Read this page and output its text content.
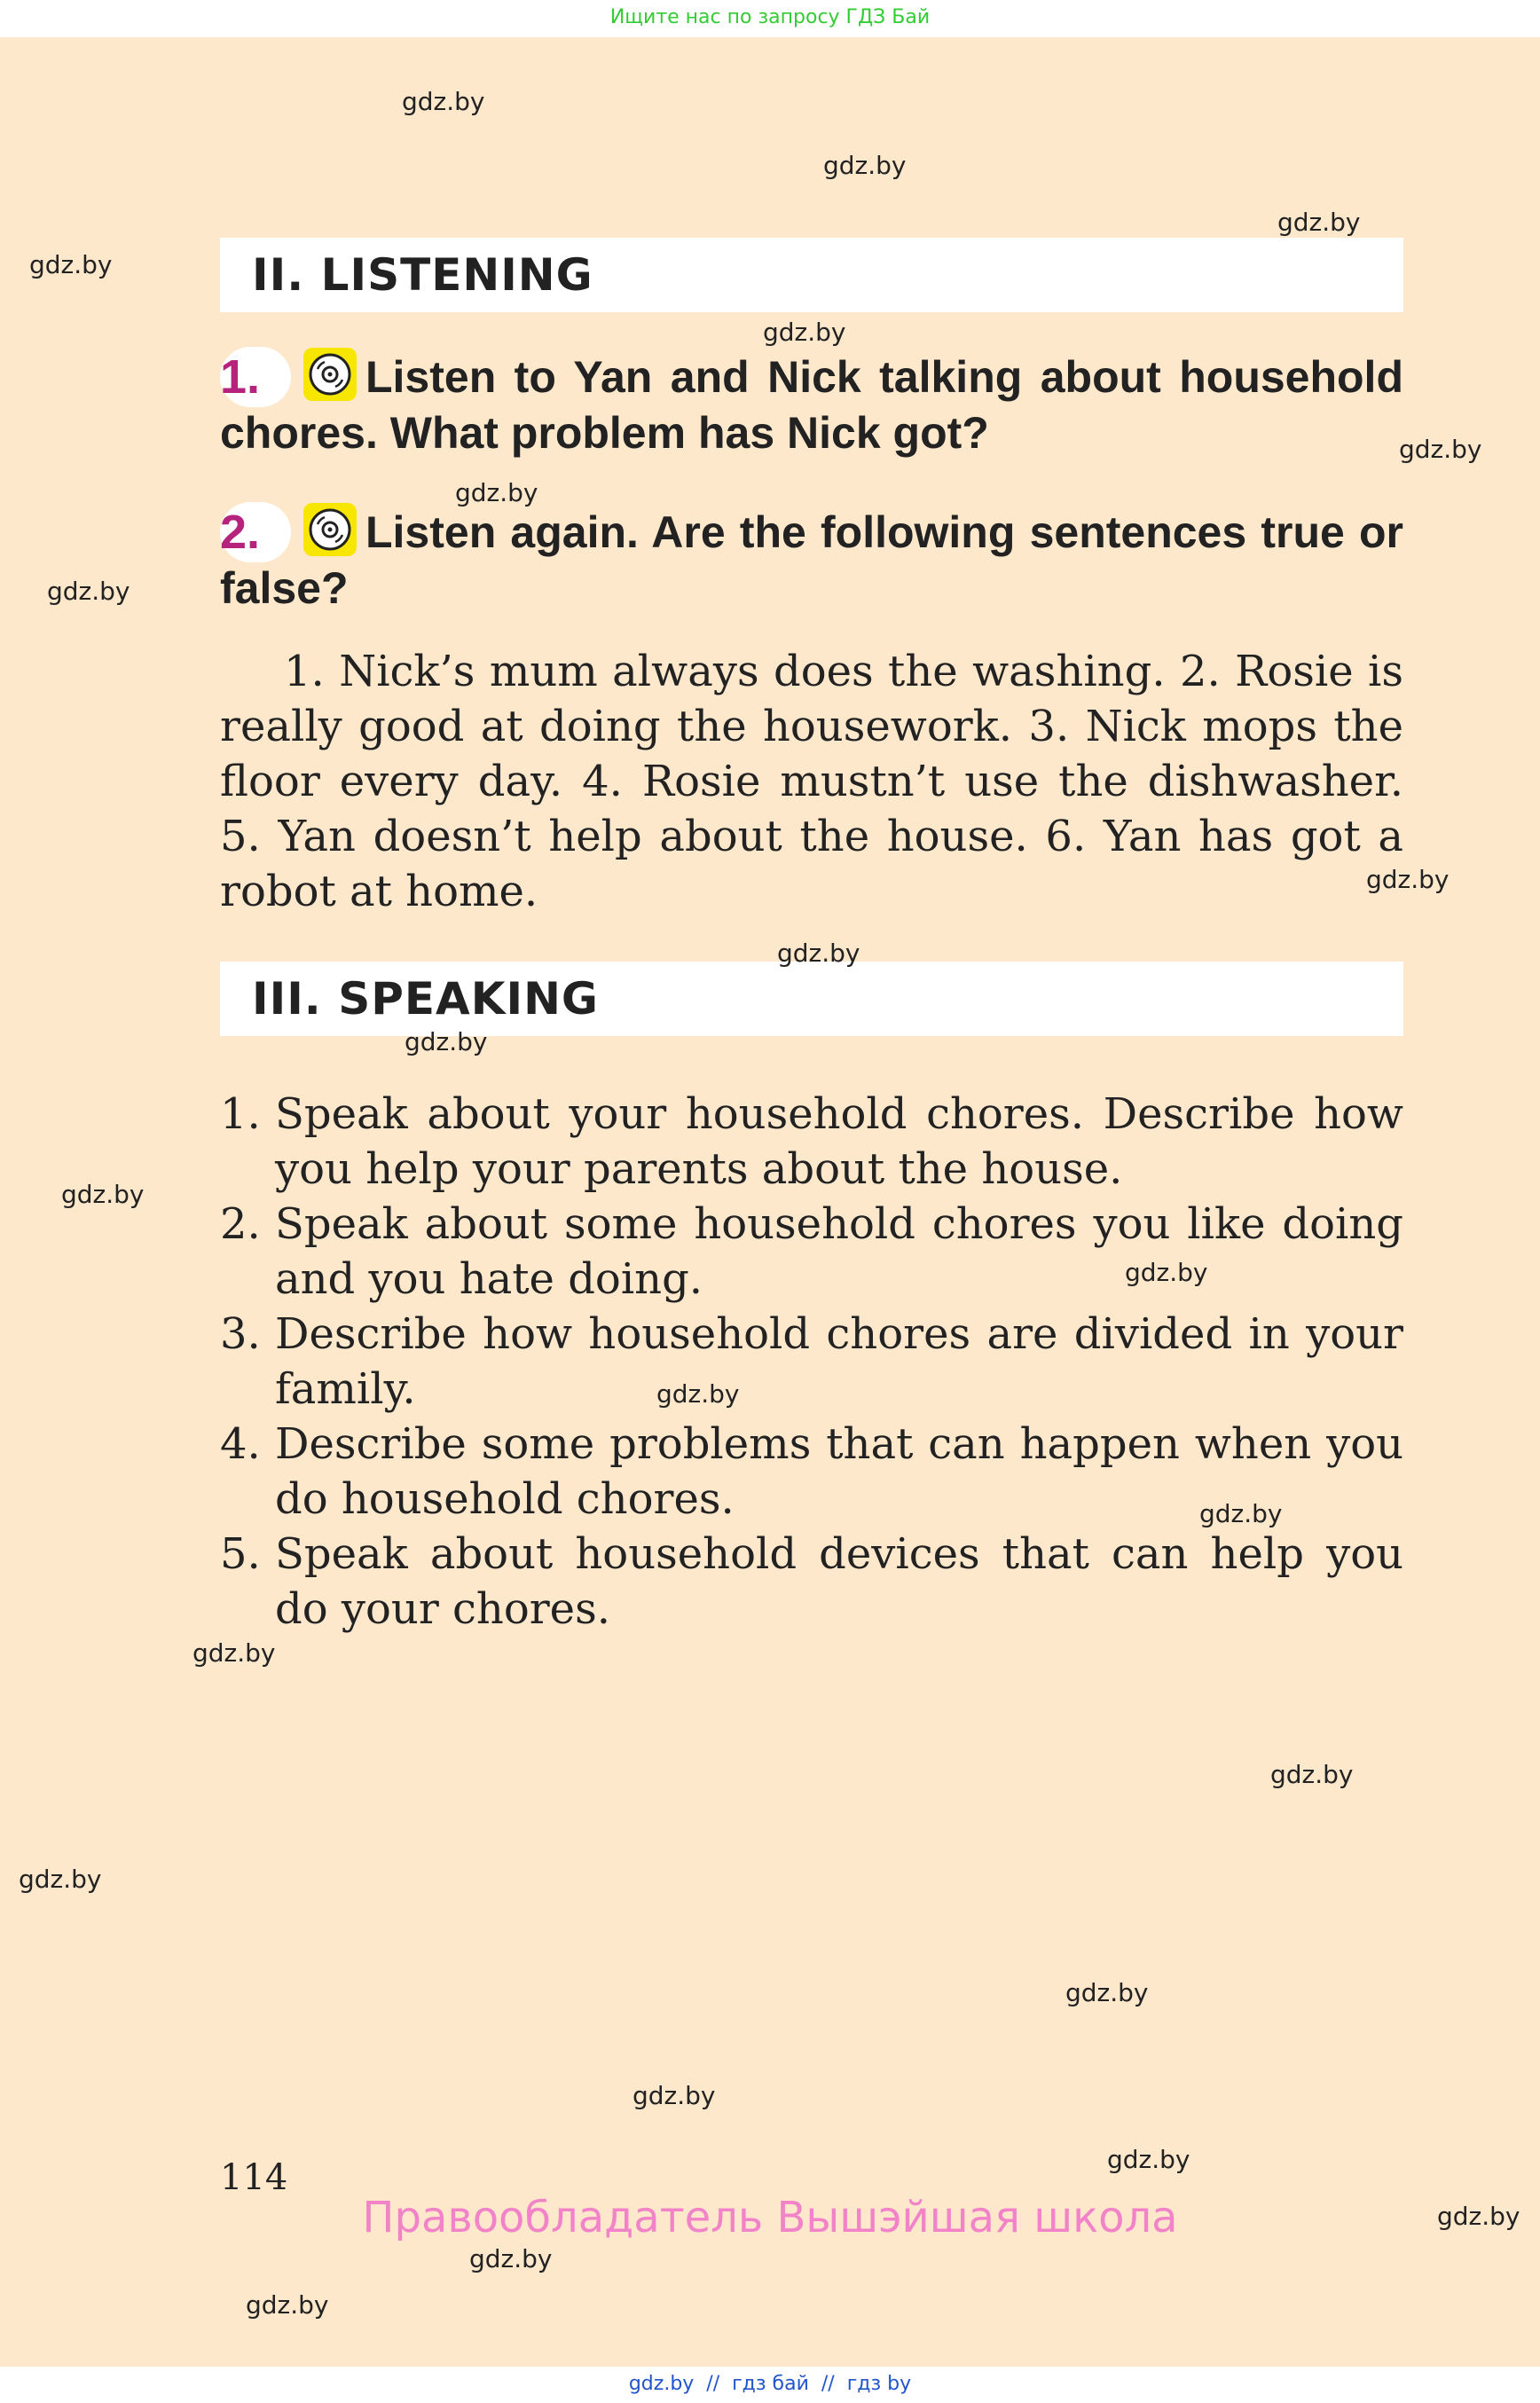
Ищите нас по запросу ГДЗ Бай
II. LISTENING
1. Listen to Yan and Nick talking about household chores. What problem has Nick got?
2. Listen again. Are the following sentences true or false?

1. Nick’s mum always does the washing. 2. Rosie is really good at doing the housework. 3. Nick mops the floor every day. 4. Rosie mustn’t use the dishwasher. 5. Yan doesn’t help about the house. 6. Yan has got a robot at home.

III. SPEAKING
1. Speak about your household chores. Describe how you help your parents about the house.
2. Speak about some household chores you like doing and you hate doing.
3. Describe how household chores are divided in your family.
4. Describe some problems that can happen when you do household chores.
5. Speak about household devices that can help you do your chores.
114
Правообладатель Вышэйшая школа
gdz.by
gdz.by
gdz.by
gdz.by
gdz.by
gdz.by
gdz.by
gdz.by
gdz.by
gdz.by
gdz.by
gdz.by
gdz.by
gdz.by
gdz.by
gdz.by
gdz.by
gdz.by
gdz.by
gdz.by
gdz.by
gdz.by
gdz.by
gdz.by
gdz.by  //  гдз бай  //  гдз by
